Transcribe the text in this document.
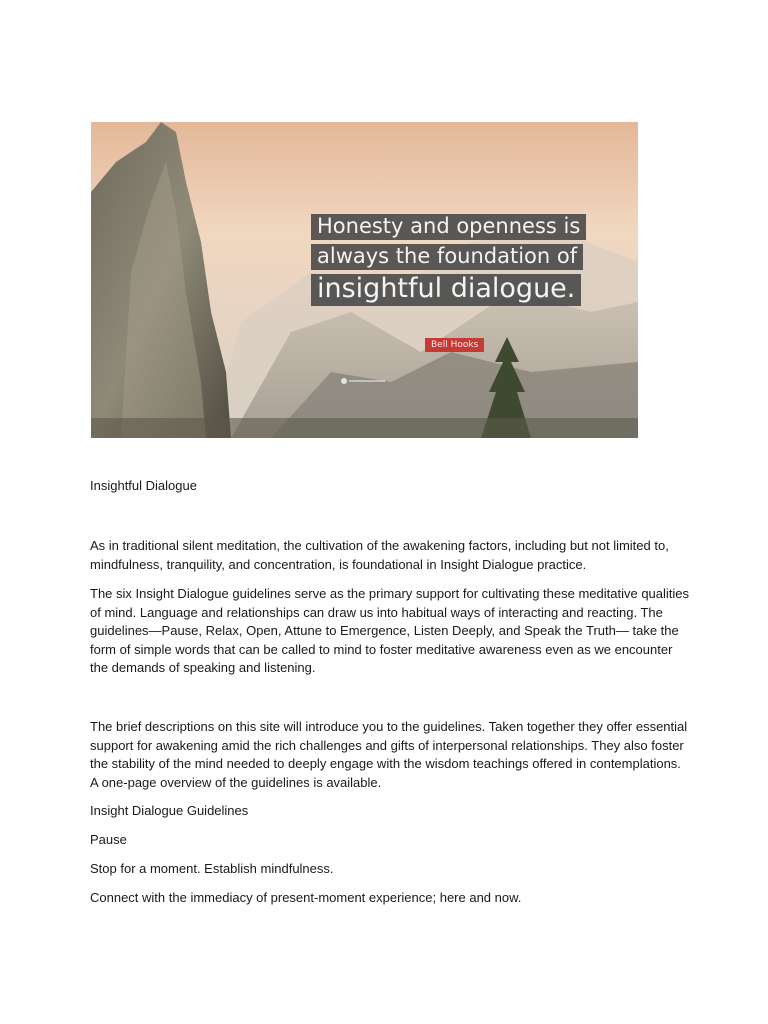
Honesty and openness is
always the foundation of
insightful dialogue.
Bell Hooks

Insightful Dialogue

As in traditional silent meditation, the cultivation of the awakening factors, including but not limited to, mindfulness, tranquility, and concentration, is foundational in Insight Dialogue practice.

The six Insight Dialogue guidelines serve as the primary support for cultivating these meditative qualities of mind. Language and relationships can draw us into habitual ways of interacting and reacting. The guidelines—Pause, Relax, Open, Attune to Emergence, Listen Deeply, and Speak the Truth— take the form of simple words that can be called to mind to foster meditative awareness even as we encounter the demands of speaking and listening.

The brief descriptions on this site will introduce you to the guidelines. Taken together they offer essential support for awakening amid the rich challenges and gifts of interpersonal relationships. They also foster the stability of the mind needed to deeply engage with the wisdom teachings offered in contemplations. A one-page overview of the guidelines is available.

Insight Dialogue Guidelines

Pause

Stop for a moment. Establish mindfulness.

Connect with the immediacy of present-moment experience; here and now.
